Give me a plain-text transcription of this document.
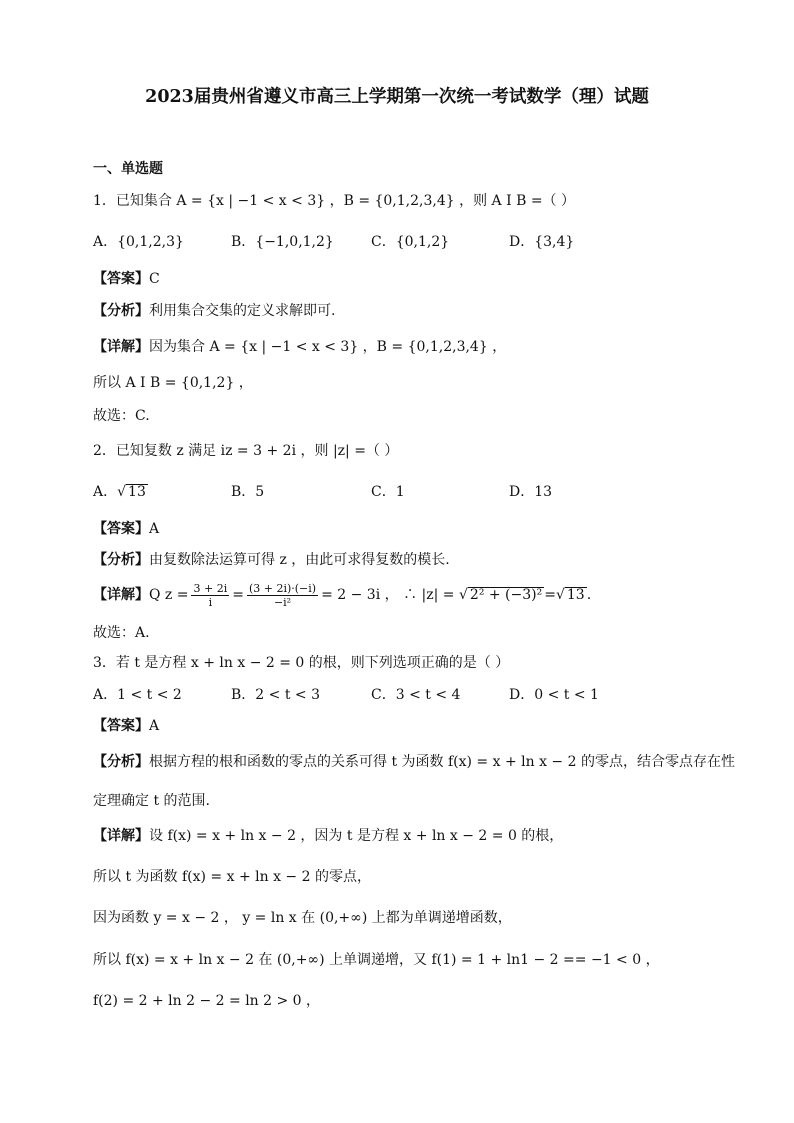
2023届贵州省遵义市高三上学期第一次统一考试数学（理）试题
一、单选题
1．已知集合 A = {x | −1 < x < 3} ，B = {0,1,2,3,4} ，则 A I B =（ ）
A．{0,1,2,3}	B．{−1,0,1,2}	C．{0,1,2}	D．{3,4}
【答案】C
【分析】利用集合交集的定义求解即可.
【详解】因为集合 A = {x | −1 < x < 3} ，B = {0,1,2,3,4} ，
所以 A I B = {0,1,2} ，
故选：C.
2．已知复数 z 满足 iz = 3 + 2i ，则 |z| =（ ）
A．√ 13	B．5	C．1	D．13
【答案】A
【分析】由复数除法运算可得 z ，由此可求得复数的模长.
【详解】Q $z = \frac{3 + 2i}{i} = \frac{(3 + 2i)\cdot(-i)}{\text{−i²}} = 2 - 3i$ ， ∴ |z| = √ 2² + (−3)² =√ 13 .
故选：A.
3．若 t 是方程 x + ln x − 2 = 0 的根，则下列选项正确的是（ ）
A．1 < t < 2	B．2 < t < 3	C．3 < t < 4	D．0 < t < 1
【答案】A
【分析】根据方程的根和函数的零点的关系可得 t 为函数 f(x) = x + ln x − 2 的零点，结合零点存在性
定理确定 t 的范围.
【详解】设 f(x) = x + ln x − 2 ，因为 t 是方程 x + ln x − 2 = 0 的根，
所以 t 为函数 f(x) = x + ln x − 2 的零点，
因为函数 y = x − 2 ， y = ln x 在 (0,+∞) 上都为单调递增函数，
所以 f(x) = x + ln x − 2 在 (0,+∞) 上单调递增，又 f(1) = 1 + ln1 − 2 == −1 < 0 ，
f(2) = 2 + ln 2 − 2 = ln 2 > 0 ，
